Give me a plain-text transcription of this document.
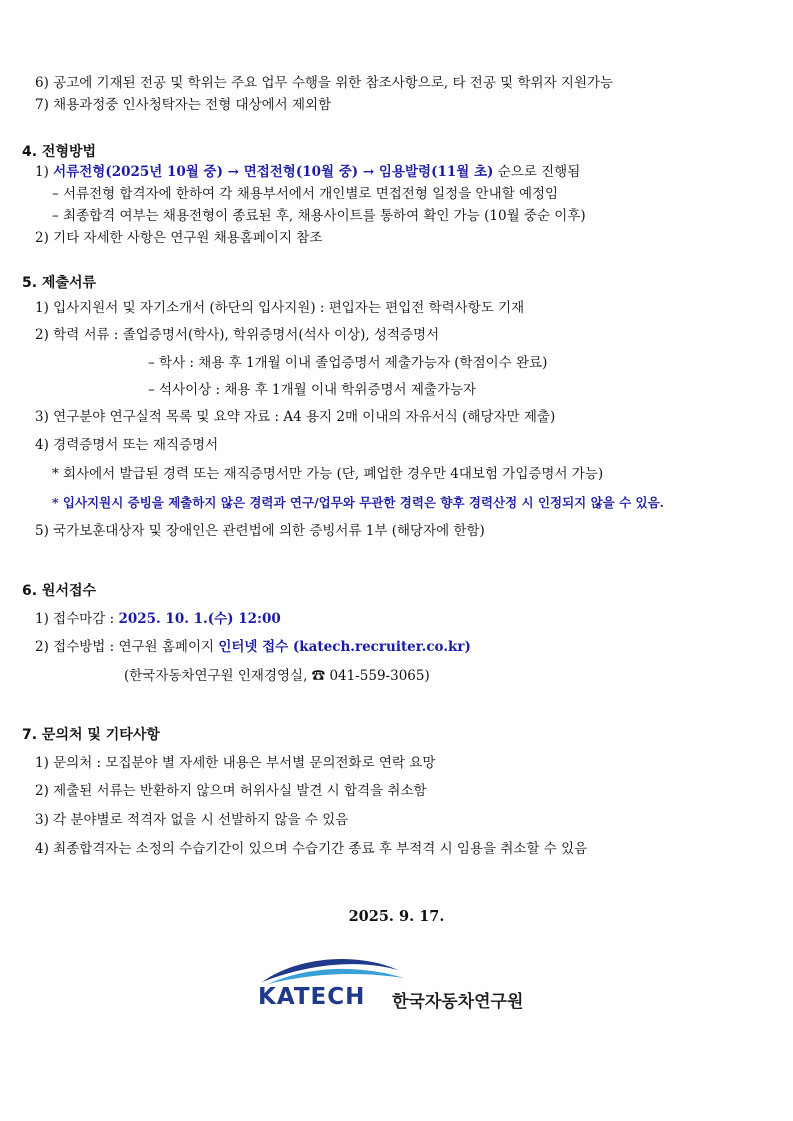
6) 공고에 기재된 전공 및 학위는 주요 업무 수행을 위한 참조사항으로, 타 전공 및 학위자 지원가능
7) 채용과정중 인사청탁자는 전형 대상에서 제외함
4. 전형방법
1) 서류전형(2025년 10월 중) → 면접전형(10월 중) → 임용발령(11월 초) 순으로 진행됨
– 서류전형 합격자에 한하여 각 채용부서에서 개인별로 면접전형 일정을 안내할 예정임
– 최종합격 여부는 채용전형이 종료된 후, 채용사이트를 통하여 확인 가능 (10월 중순 이후)
2) 기타 자세한 사항은 연구원 채용홈페이지 참조
5. 제출서류
1) 입사지원서 및 자기소개서 (하단의 입사지원) : 편입자는 편입전 학력사항도 기재
2) 학력 서류 : 졸업증명서(학사), 학위증명서(석사 이상), 성적증명서
– 학사 : 채용 후 1개월 이내 졸업증명서 제출가능자 (학점이수 완료)
– 석사이상 : 채용 후 1개월 이내 학위증명서 제출가능자
3) 연구분야 연구실적 목록 및 요약 자료 : A4 용지 2매 이내의 자유서식 (해당자만 제출)
4) 경력증명서 또는 재직증명서
* 회사에서 발급된 경력 또는 재직증명서만 가능 (단, 폐업한 경우만 4대보험 가입증명서 가능)
* 입사지원시 증빙을 제출하지 않은 경력과 연구/업무와 무관한 경력은 향후 경력산정 시 인정되지 않을 수 있음.
5) 국가보훈대상자 및 장애인은 관련법에 의한 증빙서류 1부 (해당자에 한함)
6. 원서접수
1) 접수마감 : 2025. 10. 1.(수) 12:00
2) 접수방법 : 연구원 홈페이지 인터넷 접수 (katech.recruiter.co.kr)
(한국자동차연구원 인재경영실, ☎ 041-559-3065)
7. 문의처 및 기타사항
1) 문의처 : 모집분야 별 자세한 내용은 부서별 문의전화로 연락 요망
2) 제출된 서류는 반환하지 않으며 허위사실 발견 시 합격을 취소함
3) 각 분야별로 적격자 없을 시 선발하지 않을 수 있음
4) 최종합격자는 소정의 수습기간이 있으며 수습기간 종료 후 부적격 시 임용을 취소할 수 있음
2025. 9. 17.
KATECH 한국자동차연구원
